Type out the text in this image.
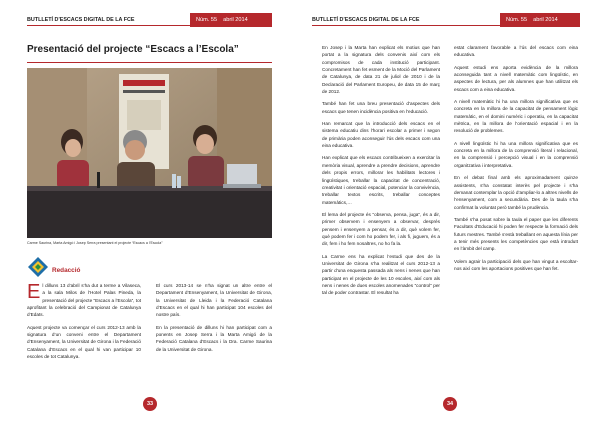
BUTLLETÍ D'ESCACS DIGITAL DE LA FCE	Núm. 55 abril 2014
Presentació del projecte “Escacs a l’Escola”
Carme Saurina, Marta Amigó i Josep Serra presentant el projecte “Escacs a l’Escola”
Redacció

El dilluns 13 d’abril s’ha dut a terme a Vilaseca, a la sala Milos de l’Hotel Palas Pineda, la presentació del projecte “Escacs a l’Escola”, tot aprofitant la celebració del Campionat de Catalunya d’Edats.

Aquest projecte va començar el curs 2012-13 amb la signatura d’un conveni entre el Departament d’Ensenyament, la Universitat de Girona i la Federació Catalana d’Escacs en el qual hi van participar 10 escoles de tot Catalunya.

El curs 2013-14 se n’ha signat un altre entre el Departament d’Ensenyament, la Universitat de Girona, la Universitat de Lleida i la Federació Catalana d’Escacs en el qual hi han participat 104 escoles del nostre país.

En la presentació de dilluns hi han participat com a ponents en Josep Serra i la Marta Amigó de la Federació Catalana d’Escacs i la Dra. Carme Saurina de la Universitat de Girona.

33
BUTLLETÍ D'ESCACS DIGITAL DE LA FCE	Núm. 55 abril 2014

En Josep i la Marta han explicat els motius que han portat a la signatura dels convenis així com els compromisos de cada institució participant. Concretament han fet esment de la Moció del Parlament de Catalunya, de data 21 de juliol de 2010 i de la Declaració del Parlament Europeu, de data 15 de març de 2012.

També han fet una breu presentació d’aspectes dels escacs que tenen incidència positiva en l’educació.

Han remarcat que la introducció dels escacs en el sistema educatiu dins l’horari escolar a primer i segon de primària poden aconseguir l’ús dels escacs com una eina educativa.

Han explicat que els escacs contribueixen a exercitar la memòria visual, aprendre a prendre decisions, aprendre dels propis errors, millorar les habilitats lectores i lingüístiques, treballar la capacitat de concentració, creativitat i orientació espacial, potenciar la convivència, treballar textos escrits, treballar conceptes matemàtics,…

El lema del projecte és “observa, pensa, juga”, és a dir, primer observem i ensenyem a observar, després pensem i ensenyem a pensar, és a dir, què volem fer, què podem fer i com ho podem fer, i als fi, juguem, és a dir, fem i ho fem nosaltres, no ho fa la.

La Carme ens ha explicat l’estudi que des de la Universitat de Girona s’ha realitzat el curs 2012-13 a partir d’una enquesta passada als nens i nenes que han participat en el projecte de les 10 escoles, així com als nens i nenes de dues escoles anomenades “control” per tal de poder contrastar. El resultat ha

estat clarament favorable a l’ús del escacs com eina educativa.

Aquest estudi ens aporta evidència de la millora aconseguida tant a nivell matemàtic com lingüístic, en aspectes de lectura, per als alumnes que han utilitzat els escacs com a eina educativa.

A nivell matemàtic hi ha una millora significativa que es concreta en la millora de la capacitat de pensament lògic matemàtic, en el domini numèric i operatiu, en la capacitat mètrica, en la millora de l’orientació espacial i en la resolució de problemes.

A nivell lingüístic hi ha una millora significativa que es concreta en la millora de la comprensió literal i relacional, en la comprensió i percepció visual i en la comprensió organitzativa i interpretativa.

En el debat final amb els aproximadament quinze assistents, s’ha constatat interès pel projecte i s’ha demanat contemplar la opció d’ampliar-lo a altres nivells de l’ensenyament, com a secundària. Des de la taula s’ha confirmat la voluntat però també la prudència.

També s’ha posat sobre la taula el paper que les diferents Facultats d’Educació hi poden fer respecte la formació dels futurs mestres. També s’està treballant en aquesta línia per a tenir més presents les competències que està introduït en l’àmbit del camp.

Volem agrair la participació dels que han vingut a escoltar-nos així com les aportacions positives que han fet.

34
